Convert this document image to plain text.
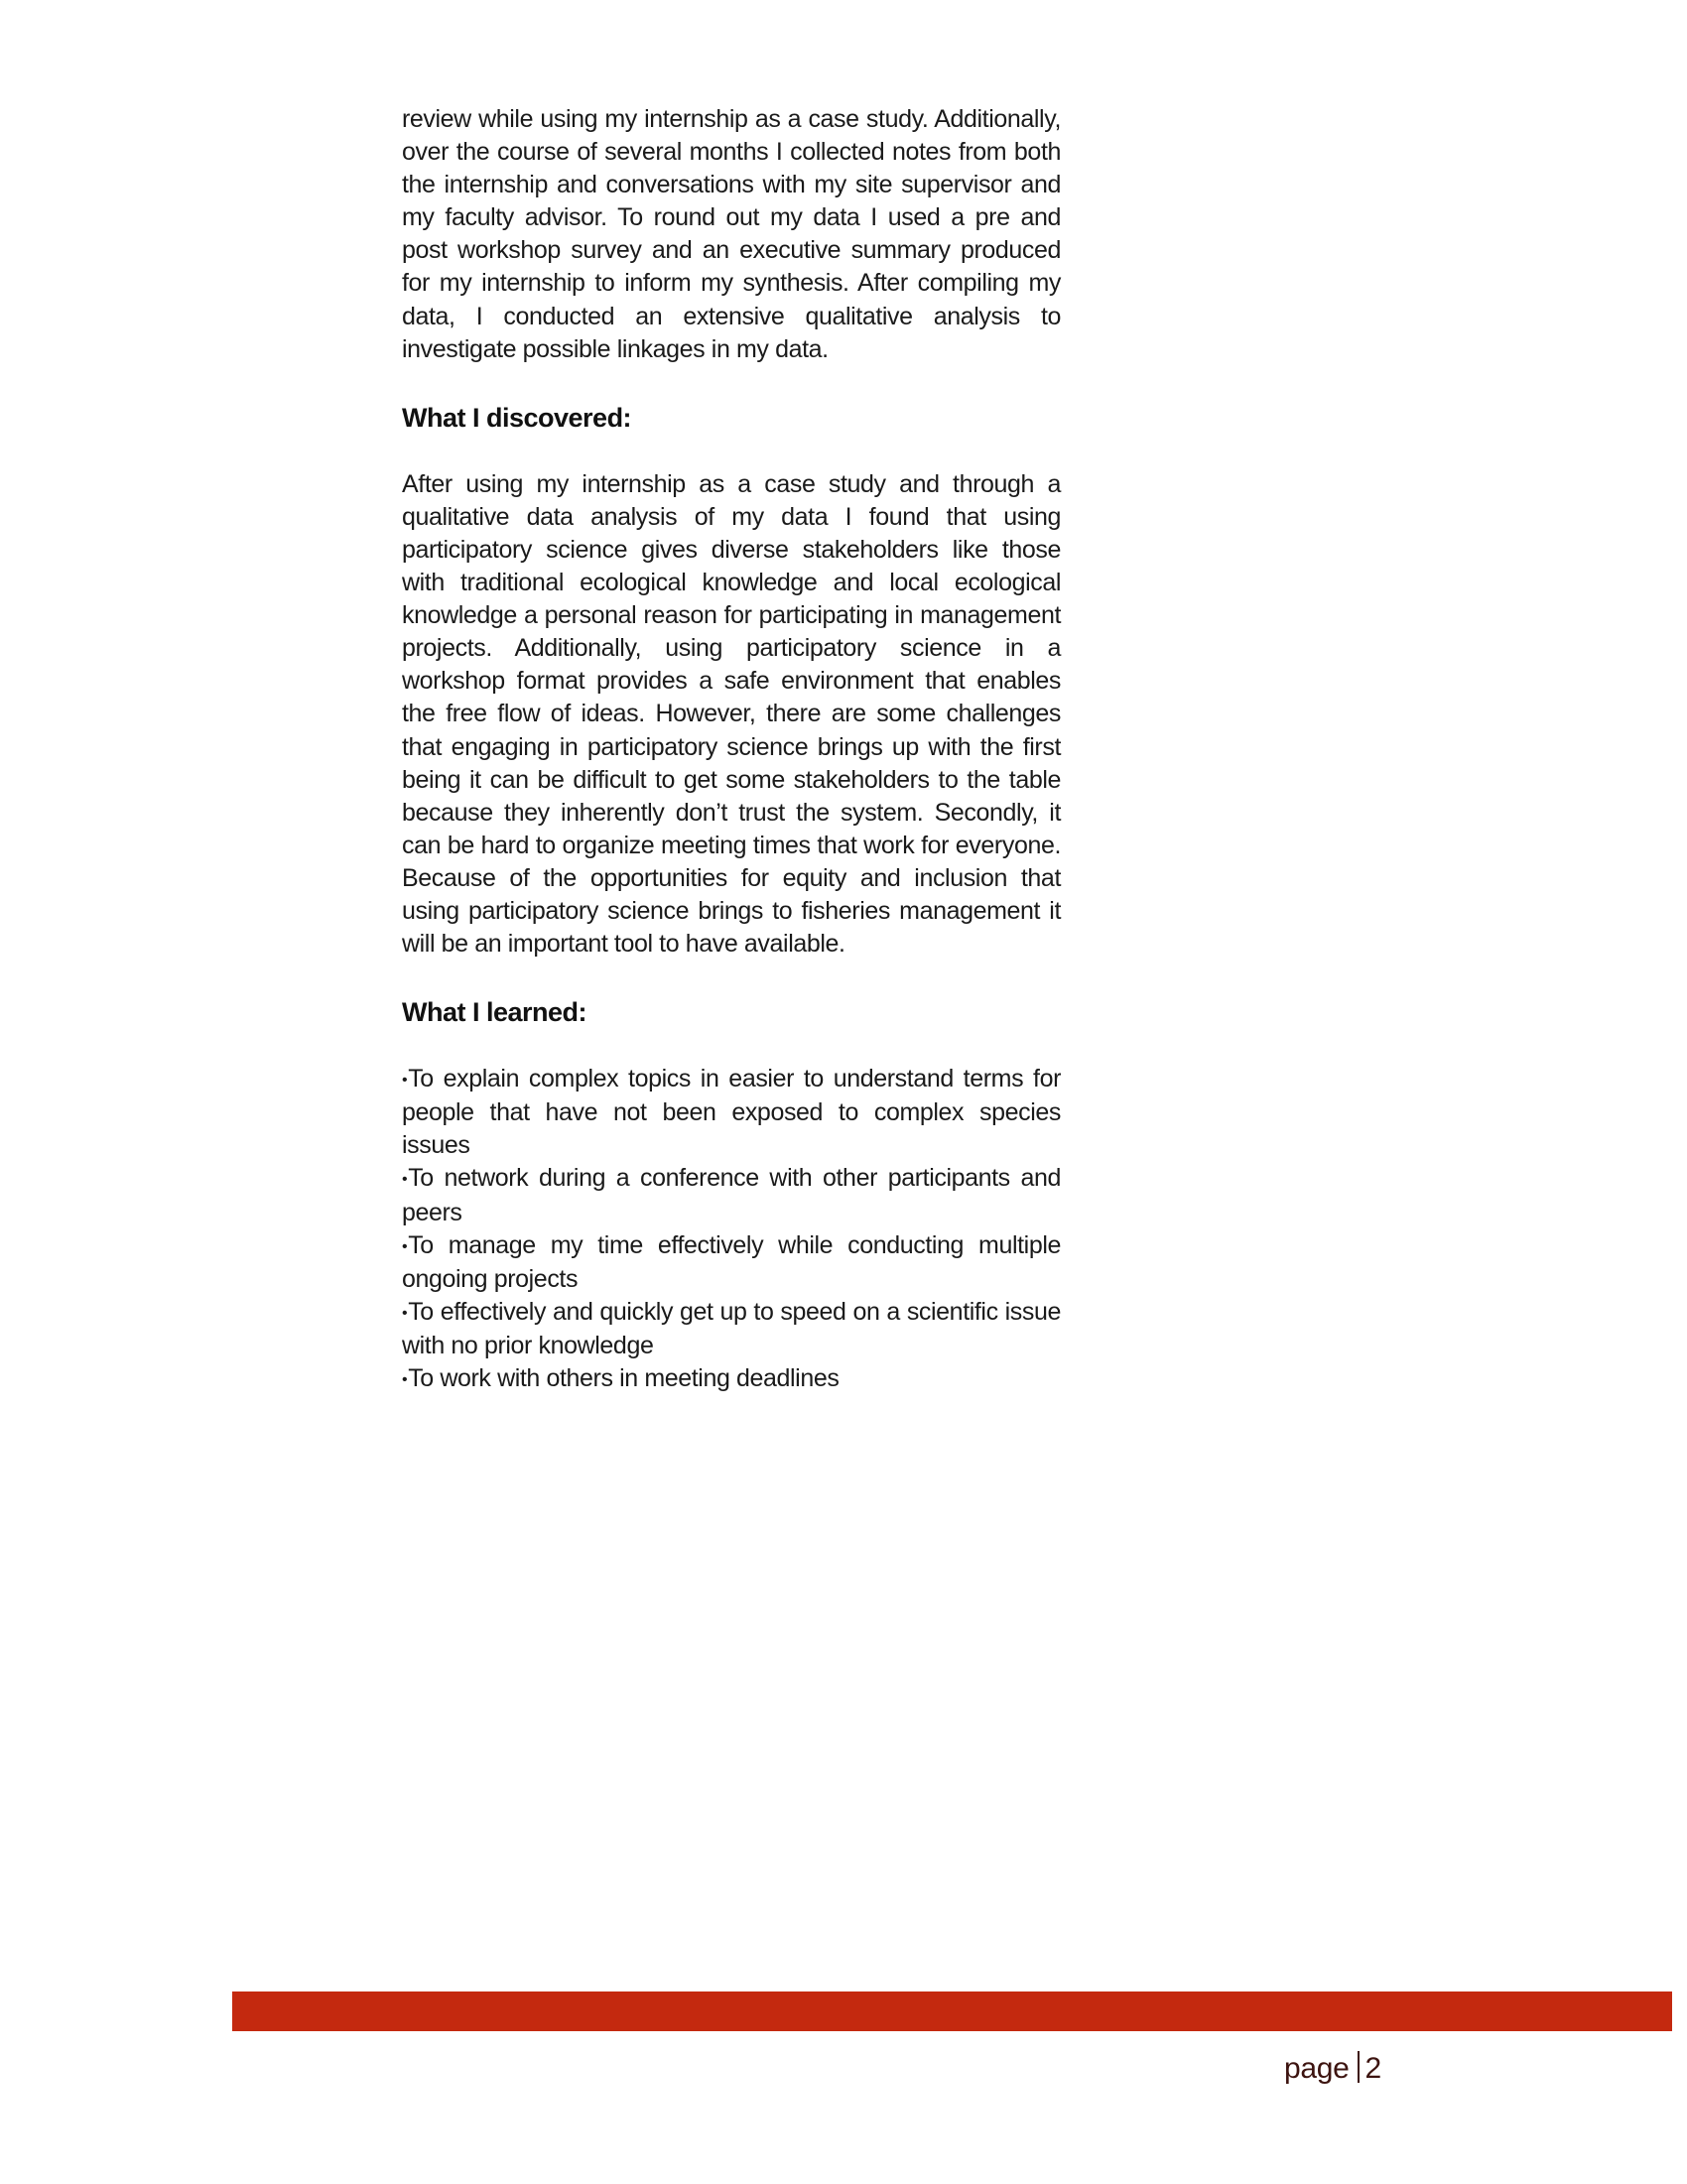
review while using my internship as a case study. Additionally, over the course of several months I collected notes from both the internship and conversations with my site supervisor and my faculty advisor. To round out my data I used a pre and post workshop survey and an executive summary produced for my internship to inform my synthesis. After compiling my data, I conducted an extensive qualitative analysis to investigate possible linkages in my data.

What I discovered:

After using my internship as a case study and through a qualitative data analysis of my data I found that using participatory science gives diverse stakeholders like those with traditional ecological knowledge and local ecological knowledge a personal reason for participating in management projects. Additionally, using participatory science in a workshop format provides a safe environment that enables the free flow of ideas. However, there are some challenges that engaging in participatory science brings up with the first being it can be difficult to get some stakeholders to the table because they inherently don’t trust the system. Secondly, it can be hard to organize meeting times that work for everyone. Because of the opportunities for equity and inclusion that using participatory science brings to fisheries management it will be an important tool to have available.

What I learned:
•To explain complex topics in easier to understand terms for people that have not been exposed to complex species issues
•To network during a conference with other participants and peers
•To manage my time effectively while conducting multiple ongoing projects
•To effectively and quickly get up to speed on a scientific issue with no prior knowledge
•To work with others in meeting deadlines
page 2
